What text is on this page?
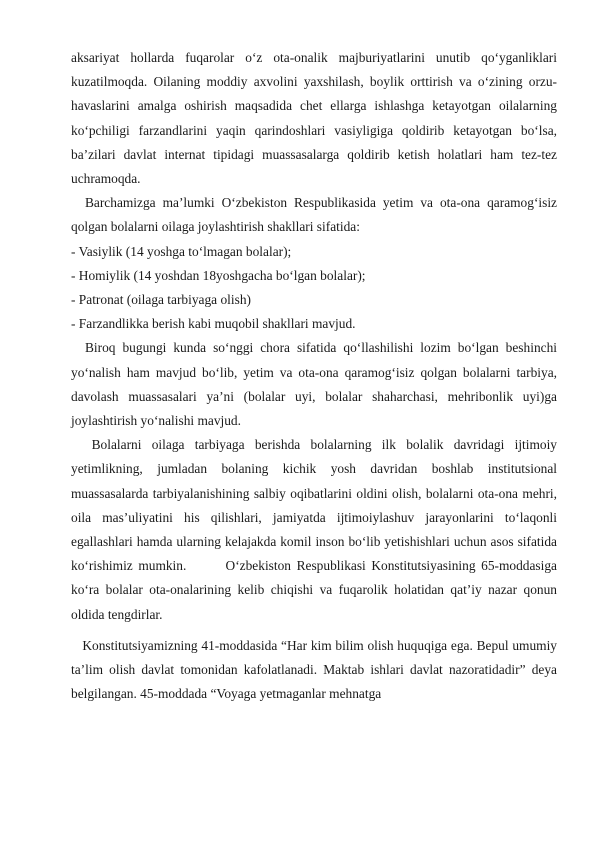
aksariyat hollarda fuqarolar o‘z ota-onalik majburiyatlarini unutib qo‘yganliklari kuzatilmoqda. Oilaning moddiy axvolini yaxshilash, boylik orttirish va o‘zining orzu-havaslarini amalga oshirish maqsadida chet ellarga ishlashga ketayotgan oilalarning ko‘pchiligi farzandlarini yaqin qarindoshlari vasiyligiga qoldirib ketayotgan bo‘lsa, ba’zilari davlat internat tipidagi muassasalarga qoldirib ketish holatlari ham tez-tez uchramoqda.

Barchamizga ma’lumki O‘zbekiston Respublikasida yetim va ota-ona qaramog‘isiz qolgan bolalarni oilaga joylashtirish shakllari sifatida:

- Vasiylik (14 yoshga to‘lmagan bolalar);

- Homiylik (14 yoshdan 18yoshgacha bo‘lgan bolalar);

- Patronat (oilaga tarbiyaga olish)

- Farzandlikka berish kabi muqobil shakllari mavjud.

Biroq bugungi kunda so‘nggi chora sifatida qo‘llashilishi lozim bo‘lgan beshinchi yo‘nalish ham mavjud bo‘lib, yetim va ota-ona qaramog‘isiz qolgan bolalarni tarbiya, davolash muassasalari ya’ni (bolalar uyi, bolalar shaharchasi, mehribonlik uyi)ga joylashtirish yo‘nalishi mavjud.

Bolalarni oilaga tarbiyaga berishda bolalarning ilk bolalik davridagi ijtimoiy yetimlikning, jumladan bolaning kichik yosh davridan boshlab institutsional muassasalarda tarbiyalanishining salbiy oqibatlarini oldini olish, bolalarni ota-ona mehri, oila mas’uliyatini his qilishlari, jamiyatda ijtimoiylashuv jarayonlarini to‘laqonli egallashlari hamda ularning kelajakda komil inson bo‘lib yetishishlari uchun asos sifatida ko‘rishimiz mumkin.       O‘zbekiston Respublikasi Konstitutsiyasining 65-moddasiga ko‘ra bolalar ota-onalarining kelib chiqishi va fuqarolik holatidan qat’iy nazar qonun oldida tengdirlar.

Konstitutsiyamizning 41-moddasida “Har kim bilim olish huquqiga ega. Bepul umumiy ta’lim olish davlat tomonidan kafolatlanadi. Maktab ishlari davlat nazoratidadir” deya belgilangan. 45-moddada “Voyaga yetmaganlar mehnatga
